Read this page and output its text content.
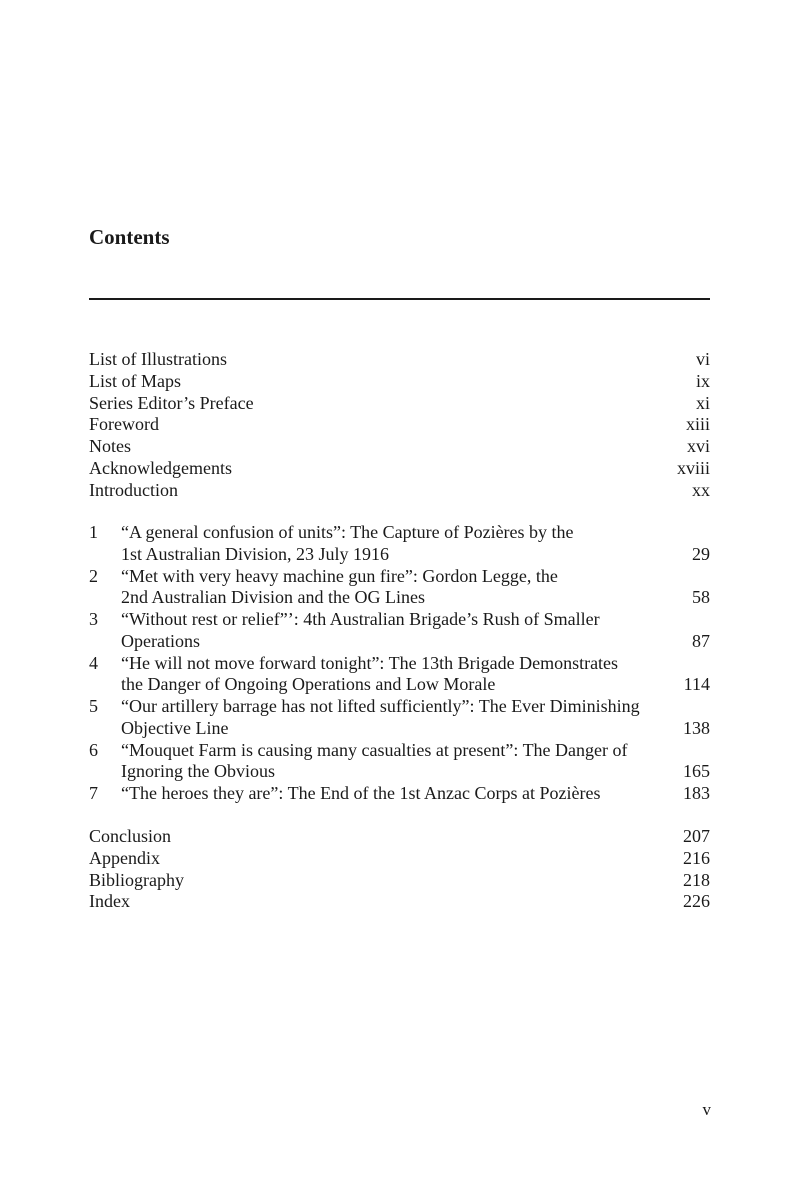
Contents
List of Illustrations	vi
List of Maps	ix
Series Editor’s Preface	xi
Foreword	xiii
Notes	xvi
Acknowledgements	xviii
Introduction	xx
1	“A general confusion of units”: The Capture of Pozières by the
1st Australian Division, 23 July 1916	29
2	“Met with very heavy machine gun fire”: Gordon Legge, the
2nd Australian Division and the OG Lines	58
3	“Without rest or relief”’: 4th Australian Brigade’s Rush of Smaller
Operations	87
4	“He will not move forward tonight”: The 13th Brigade Demonstrates
the Danger of Ongoing Operations and Low Morale	114
5	“Our artillery barrage has not lifted sufficiently”: The Ever Diminishing
Objective Line	138
6	“Mouquet Farm is causing many casualties at present”: The Danger of
Ignoring the Obvious	165
7	“The heroes they are”: The End of the 1st Anzac Corps at Pozières	183
Conclusion	207
Appendix	216
Bibliography	218
Index	226
v
